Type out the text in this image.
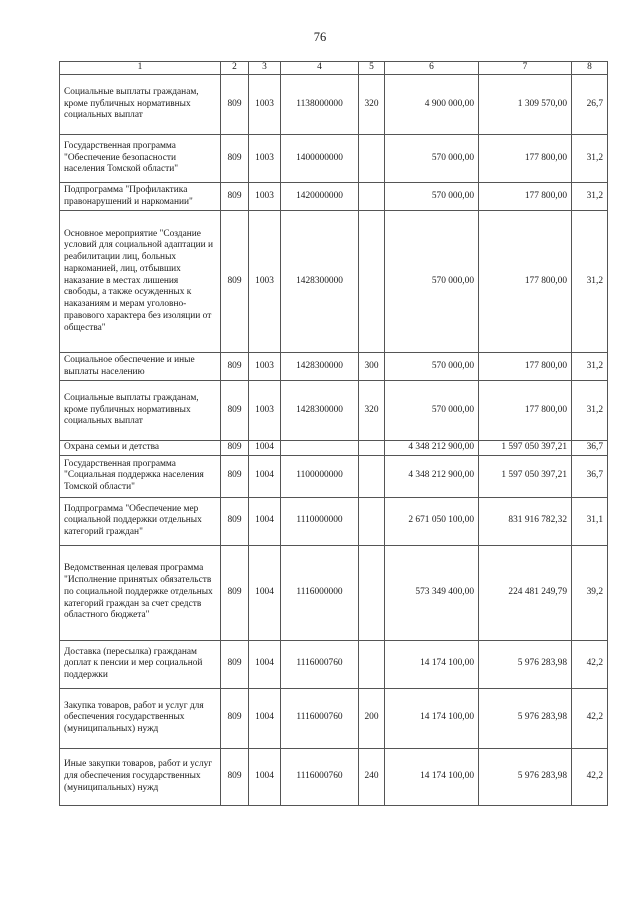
76
1	2	3	4	5	6	7	8
Социальные выплаты гражданам, кроме публичных нормативных социальных выплат	809	1003	1138000000	320	4 900 000,00	1 309 570,00	26,7
Государственная программа "Обеспечение безопасности населения Томской области"	809	1003	1400000000		570 000,00	177 800,00	31,2
Подпрограмма "Профилактика правонарушений и наркомании"	809	1003	1420000000		570 000,00	177 800,00	31,2
Основное мероприятие "Создание условий для социальной адаптации и реабилитации лиц, больных наркоманией, лиц, отбывших наказание в местах лишения свободы, а также осужденных к наказаниям и мерам уголовно-правового характера без изоляции от общества"	809	1003	1428300000		570 000,00	177 800,00	31,2
Социальное обеспечение и иные выплаты населению	809	1003	1428300000	300	570 000,00	177 800,00	31,2
Социальные выплаты гражданам, кроме публичных нормативных социальных выплат	809	1003	1428300000	320	570 000,00	177 800,00	31,2
Охрана семьи и детства	809	1004			4 348 212 900,00	1 597 050 397,21	36,7
Государственная программа "Социальная поддержка населения Томской области"	809	1004	1100000000		4 348 212 900,00	1 597 050 397,21	36,7
Подпрограмма "Обеспечение мер социальной поддержки отдельных категорий граждан"	809	1004	1110000000		2 671 050 100,00	831 916 782,32	31,1
Ведомственная целевая программа "Исполнение принятых обязательств по социальной поддержке отдельных категорий граждан за счет средств областного бюджета"	809	1004	1116000000		573 349 400,00	224 481 249,79	39,2
Доставка (пересылка) гражданам доплат к пенсии и мер социальной поддержки	809	1004	1116000760		14 174 100,00	5 976 283,98	42,2
Закупка товаров, работ и услуг для обеспечения государственных (муниципальных) нужд	809	1004	1116000760	200	14 174 100,00	5 976 283,98	42,2
Иные закупки товаров, работ и услуг для обеспечения государственных (муниципальных) нужд	809	1004	1116000760	240	14 174 100,00	5 976 283,98	42,2
